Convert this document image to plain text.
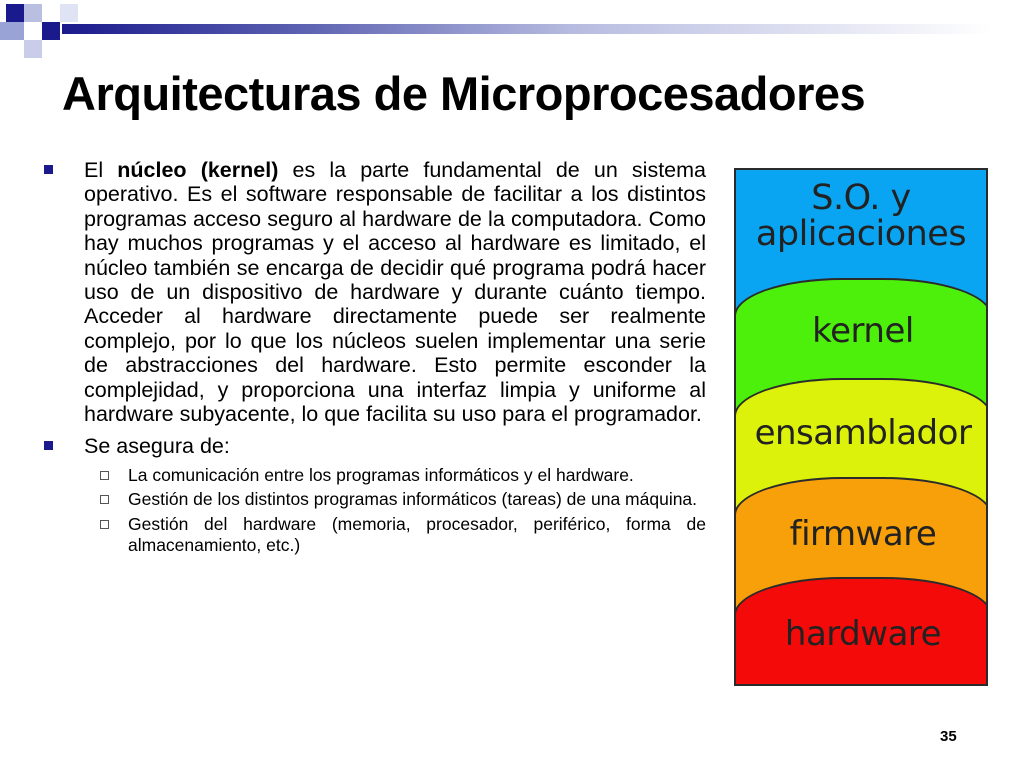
Arquitecturas de Microprocesadores
El núcleo (kernel) es la parte fundamental de un sistema operativo. Es el software responsable de facilitar a los distintos programas acceso seguro al hardware de la computadora. Como hay muchos programas y el acceso al hardware es limitado, el núcleo también se encarga de decidir qué programa podrá hacer uso de un dispositivo de hardware y durante cuánto tiempo. Acceder al hardware directamente puede ser realmente complejo, por lo que los núcleos suelen implementar una serie de abstracciones del hardware. Esto permite esconder la complejidad, y proporciona una interfaz limpia y uniforme al hardware subyacente, lo que facilita su uso para el programador.
Se asegura de:
La comunicación entre los programas informáticos y el hardware.
Gestión de los distintos programas informáticos (tareas) de una máquina.
Gestión del hardware (memoria, procesador, periférico, forma de almacenamiento, etc.)
S.O. y
aplicaciones
kernel
ensamblador
firmware
hardware
35
